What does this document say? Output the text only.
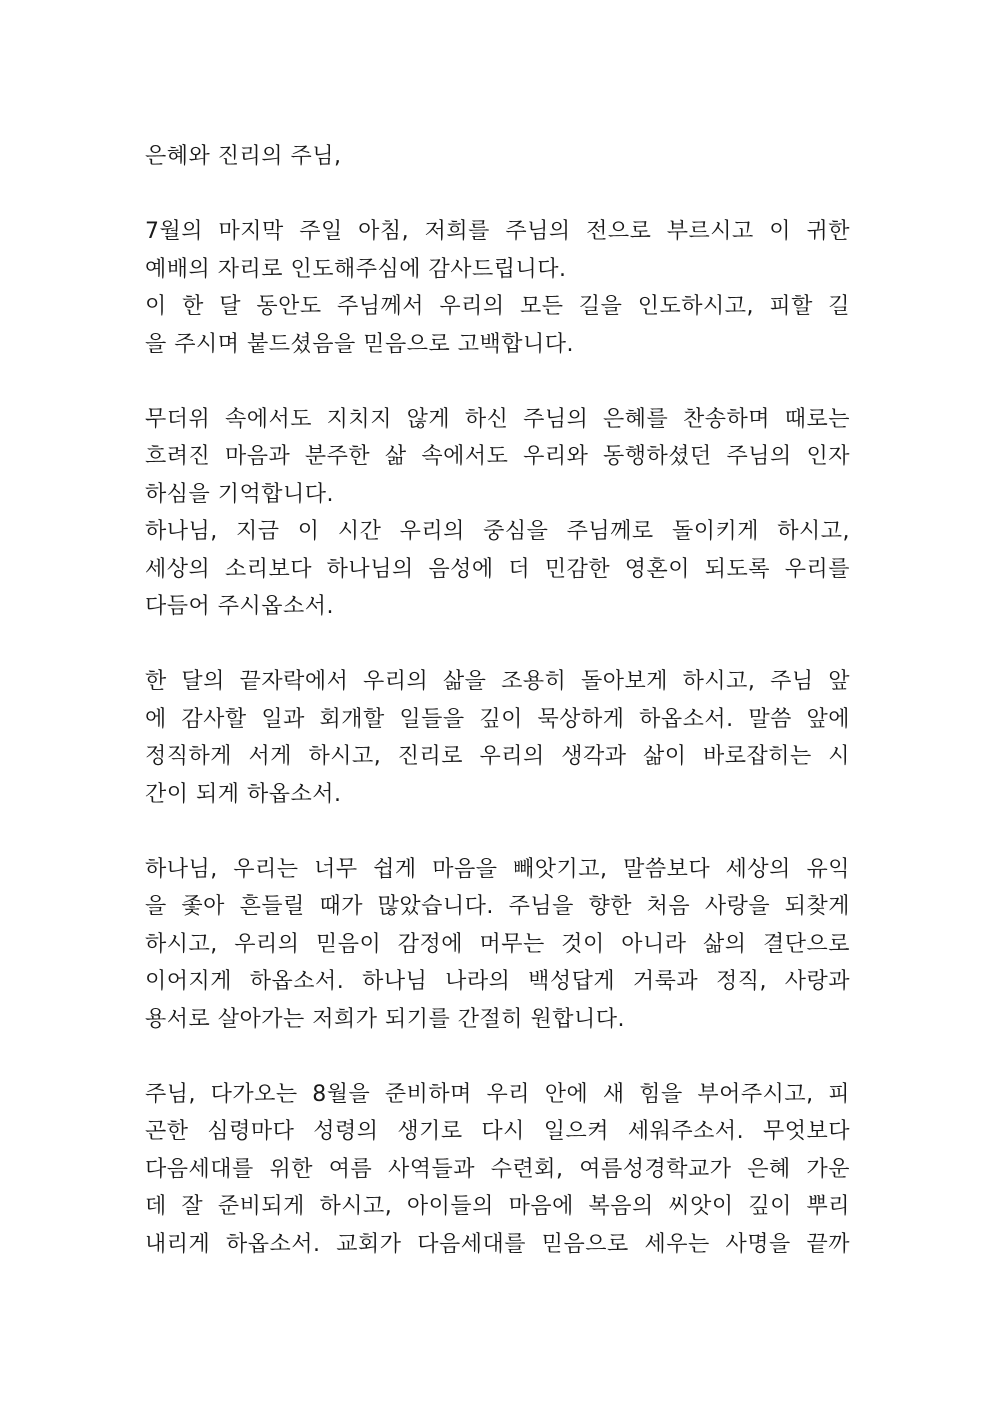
은혜와 진리의 주님,
7월의 마지막 주일 아침, 저희를 주님의 전으로 부르시고 이 귀한
예배의 자리로 인도해주심에 감사드립니다.
이 한 달 동안도 주님께서 우리의 모든 길을 인도하시고, 피할 길
을 주시며 붙드셨음을 믿음으로 고백합니다.
무더위 속에서도 지치지 않게 하신 주님의 은혜를 찬송하며 때로는
흐려진 마음과 분주한 삶 속에서도 우리와 동행하셨던 주님의 인자
하심을 기억합니다.
하나님, 지금 이 시간 우리의 중심을 주님께로 돌이키게 하시고,
세상의 소리보다 하나님의 음성에 더 민감한 영혼이 되도록 우리를
다듬어 주시옵소서.
한 달의 끝자락에서 우리의 삶을 조용히 돌아보게 하시고, 주님 앞
에 감사할 일과 회개할 일들을 깊이 묵상하게 하옵소서. 말씀 앞에
정직하게 서게 하시고, 진리로 우리의 생각과 삶이 바로잡히는 시
간이 되게 하옵소서.
하나님, 우리는 너무 쉽게 마음을 빼앗기고, 말씀보다 세상의 유익
을 좇아 흔들릴 때가 많았습니다. 주님을 향한 처음 사랑을 되찾게
하시고, 우리의 믿음이 감정에 머무는 것이 아니라 삶의 결단으로
이어지게 하옵소서. 하나님 나라의 백성답게 거룩과 정직, 사랑과
용서로 살아가는 저희가 되기를 간절히 원합니다.
주님, 다가오는 8월을 준비하며 우리 안에 새 힘을 부어주시고, 피
곤한 심령마다 성령의 생기로 다시 일으켜 세워주소서. 무엇보다
다음세대를 위한 여름 사역들과 수련회, 여름성경학교가 은혜 가운
데 잘 준비되게 하시고, 아이들의 마음에 복음의 씨앗이 깊이 뿌리
내리게 하옵소서. 교회가 다음세대를 믿음으로 세우는 사명을 끝까
